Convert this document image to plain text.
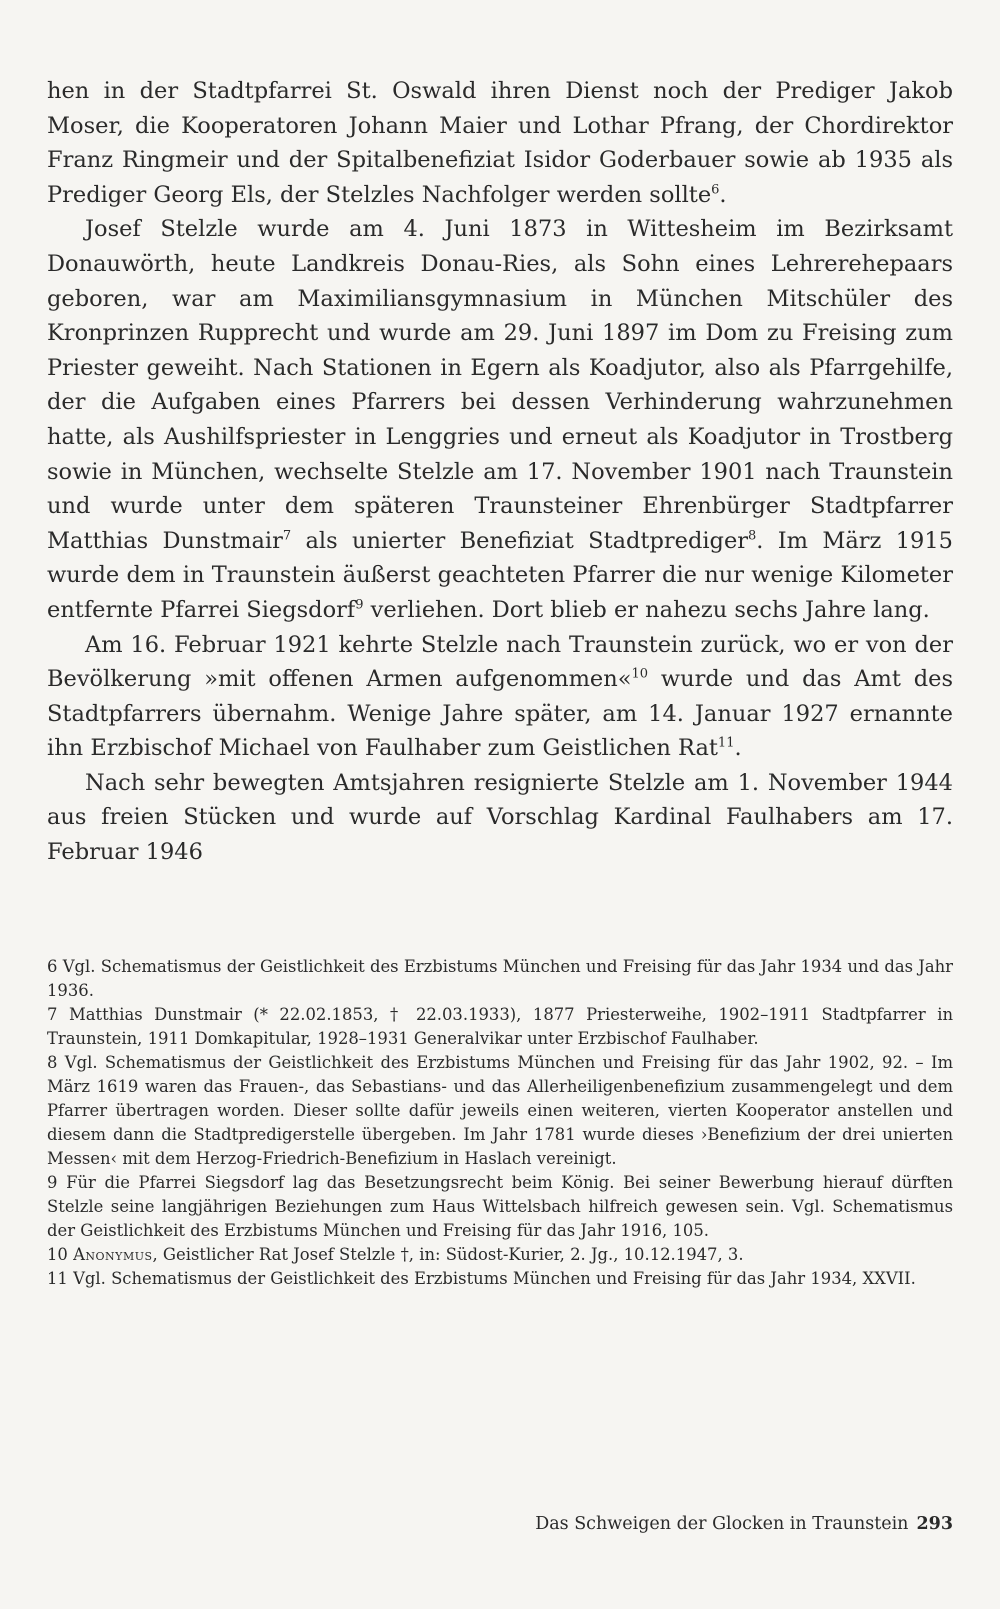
hen in der Stadtpfarrei St. Oswald ihren Dienst noch der Prediger Jakob Moser, die Kooperatoren Johann Maier und Lothar Pfrang, der Chordirektor Franz Ringmeir und der Spitalbenefiziat Isidor Goderbauer sowie ab 1935 als Prediger Georg Els, der Stelzles Nachfolger werden sollte$^6$.

Josef Stelzle wurde am 4. Juni 1873 in Wittesheim im Bezirksamt Donauwörth, heute Landkreis Donau-Ries, als Sohn eines Lehrerehepaars geboren, war am Maximiliansgymnasium in München Mitschüler des Kronprinzen Rupprecht und wurde am 29. Juni 1897 im Dom zu Freising zum Priester geweiht. Nach Stationen in Egern als Koadjutor, also als Pfarrgehilfe, der die Aufgaben eines Pfarrers bei dessen Verhinderung wahrzunehmen hatte, als Aushilfspriester in Lenggries und erneut als Koadjutor in Trostberg sowie in München, wechselte Stelzle am 17. November 1901 nach Traunstein und wurde unter dem späteren Traunsteiner Ehrenbürger Stadtpfarrer Matthias Dunstmair$^7$ als unierter Benefiziat Stadtprediger$^8$. Im März 1915 wurde dem in Traunstein äußerst geachteten Pfarrer die nur wenige Kilometer entfernte Pfarrei Siegsdorf$^9$ verliehen. Dort blieb er nahezu sechs Jahre lang.

Am 16. Februar 1921 kehrte Stelzle nach Traunstein zurück, wo er von der Bevölkerung »mit offenen Armen aufgenommen«$^{10}$ wurde und das Amt des Stadtpfarrers übernahm. Wenige Jahre später, am 14. Januar 1927 ernannte ihn Erzbischof Michael von Faulhaber zum Geistlichen Rat$^{11}$.

Nach sehr bewegten Amtsjahren resignierte Stelzle am 1. November 1944 aus freien Stücken und wurde auf Vorschlag Kardinal Faulhabers am 17. Februar 1946

6 Vgl. Schematismus der Geistlichkeit des Erzbistums München und Freising für das Jahr 1934 und das Jahr 1936.

7 Matthias Dunstmair (* 22.02.1853, † 22.03.1933), 1877 Priesterweihe, 1902–1911 Stadtpfarrer in Traunstein, 1911 Domkapitular, 1928–1931 Generalvikar unter Erzbischof Faulhaber.

8 Vgl. Schematismus der Geistlichkeit des Erzbistums München und Freising für das Jahr 1902, 92. – Im März 1619 waren das Frauen-, das Sebastians- und das Allerheiligenbenefizium zusammengelegt und dem Pfarrer übertragen worden. Dieser sollte dafür jeweils einen weiteren, vierten Kooperator anstellen und diesem dann die Stadtpredigerstelle übergeben. Im Jahr 1781 wurde dieses ›Benefizium der drei unierten Messen‹ mit dem Herzog-Friedrich-Benefizium in Haslach vereinigt.

9 Für die Pfarrei Siegsdorf lag das Besetzungsrecht beim König. Bei seiner Bewerbung hierauf dürften Stelzle seine langjährigen Beziehungen zum Haus Wittelsbach hilfreich gewesen sein. Vgl. Schematismus der Geistlichkeit des Erzbistums München und Freising für das Jahr 1916, 105.

10 Anonymus, Geistlicher Rat Josef Stelzle †, in: Südost-Kurier, 2. Jg., 10.12.1947, 3.

11 Vgl. Schematismus der Geistlichkeit des Erzbistums München und Freising für das Jahr 1934, XXVII.

Das Schweigen der Glocken in Traunstein 293
